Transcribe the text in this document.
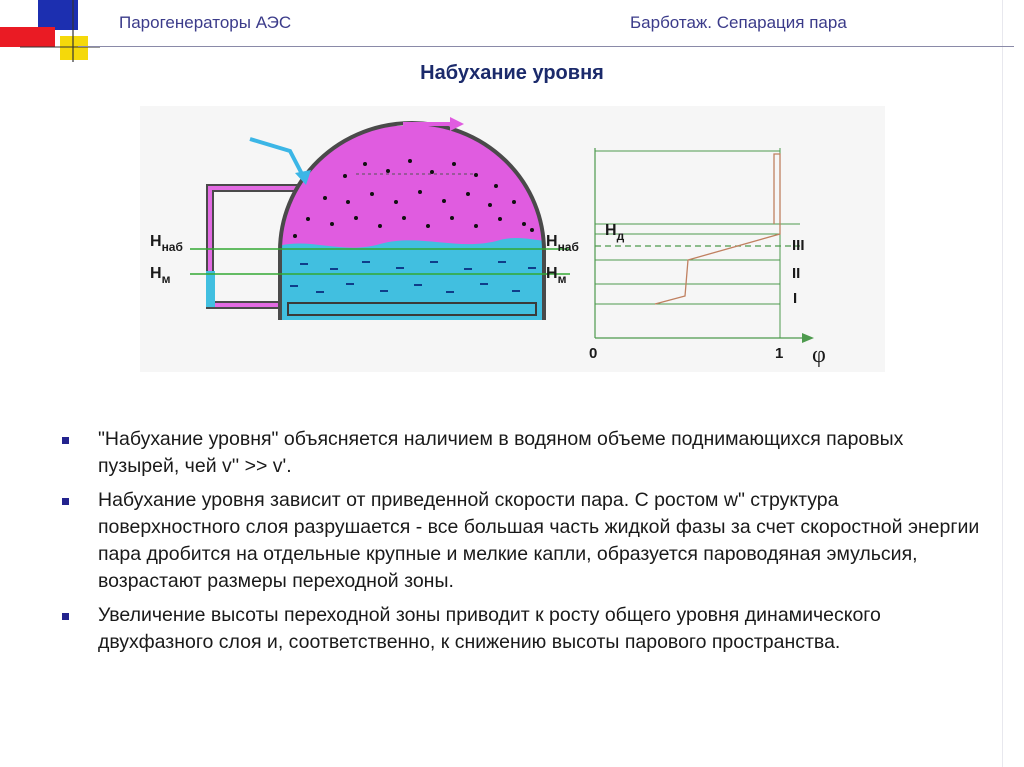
Парогенераторы АЭС	Барботаж. Сепарация пара
Набухание уровня
$H_{наб}$
$H_м$
$H_{наб}$
$H_м$
$H_д$
III
II
I
0	1 φ
"Набухание уровня" объясняется наличием в водяном объеме поднимающихся паровых пузырей, чей v'' >> v'.
Набухание уровня зависит от приведенной скорости пара. С ростом w" структура поверхностного слоя разрушается - все большая часть жидкой фазы за счет скоростной энергии пара дробится на отдельные крупные и мелкие капли, образуется пароводяная эмульсия, возрастают размеры переходной зоны.
Увеличение высоты переходной зоны приводит к росту общего уровня динамического двухфазного слоя и, соответственно, к снижению высоты парового пространства.
